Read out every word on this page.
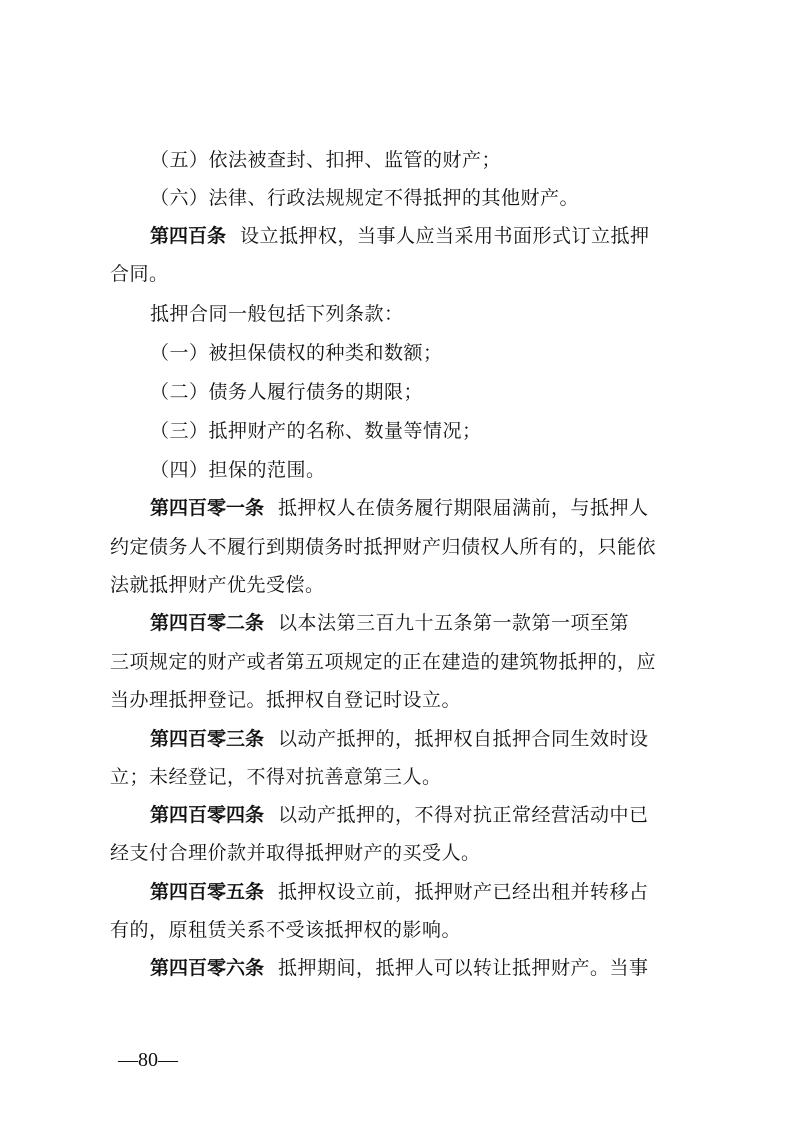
（五）依法被查封、扣押、监管的财产；
（六）法律、行政法规规定不得抵押的其他财产。
第四百条 设立抵押权，当事人应当采用书面形式订立抵押
合同。
抵押合同一般包括下列条款：
（一）被担保债权的种类和数额；
（二）债务人履行债务的期限；
（三）抵押财产的名称、数量等情况；
（四）担保的范围。
第四百零一条 抵押权人在债务履行期限届满前，与抵押人
约定债务人不履行到期债务时抵押财产归债权人所有的，只能依
法就抵押财产优先受偿。
第四百零二条 以本法第三百九十五条第一款第一项至第
三项规定的财产或者第五项规定的正在建造的建筑物抵押的，应
当办理抵押登记。抵押权自登记时设立。
第四百零三条 以动产抵押的，抵押权自抵押合同生效时设
立；未经登记，不得对抗善意第三人。
第四百零四条 以动产抵押的，不得对抗正常经营活动中已
经支付合理价款并取得抵押财产的买受人。
第四百零五条 抵押权设立前，抵押财产已经出租并转移占
有的，原租赁关系不受该抵押权的影响。
第四百零六条 抵押期间，抵押人可以转让抵押财产。当事
—80—
